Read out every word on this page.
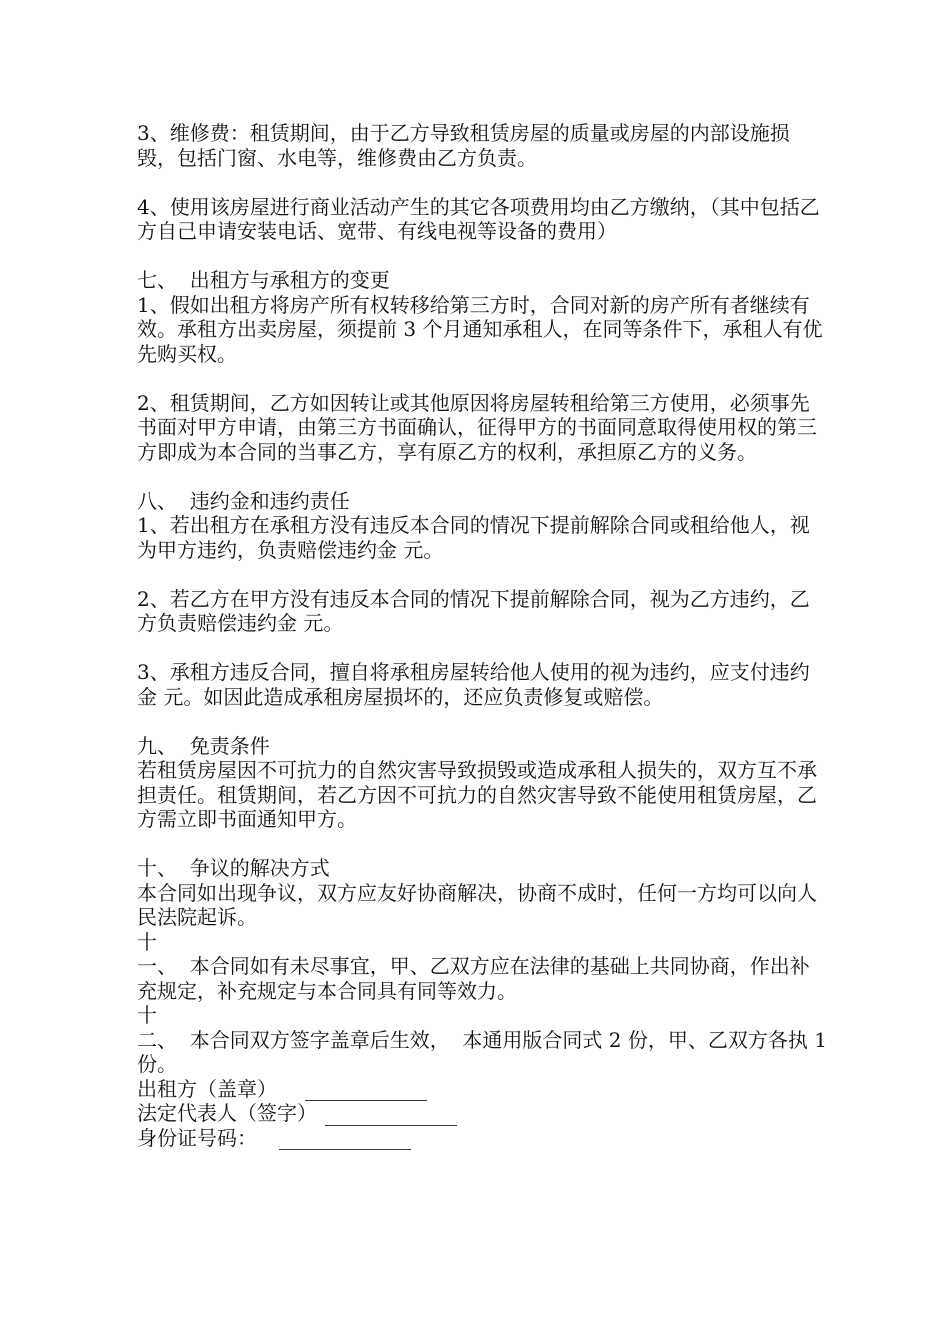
3、维修费：租赁期间，由于乙方导致租赁房屋的质量或房屋的内部设施损毁，包括门窗、水电等，维修费由乙方负责。

4、使用该房屋进行商业活动产生的其它各项费用均由乙方缴纳，（其中包括乙方自己申请安装电话、宽带、有线电视等设备的费用）

七、  出租方与承租方的变更

1、假如出租方将房产所有权转移给第三方时，合同对新的房产所有者继续有效。承租方出卖房屋，须提前 3 个月通知承租人，在同等条件下，承租人有优先购买权。

2、租赁期间，乙方如因转让或其他原因将房屋转租给第三方使用，必须事先书面对甲方申请，由第三方书面确认，征得甲方的书面同意取得使用权的第三方即成为本合同的当事乙方，享有原乙方的权利，承担原乙方的义务。

八、  违约金和违约责任

1、若出租方在承租方没有违反本合同的情况下提前解除合同或租给他人，视为甲方违约，负责赔偿违约金 元。

2、若乙方在甲方没有违反本合同的情况下提前解除合同，视为乙方违约，乙方负责赔偿违约金 元。

3、承租方违反合同，擅自将承租房屋转给他人使用的视为违约，应支付违约金 元。如因此造成承租房屋损坏的，还应负责修复或赔偿。

九、  免责条件

若租赁房屋因不可抗力的自然灾害导致损毁或造成承租人损失的，双方互不承担责任。租赁期间，若乙方因不可抗力的自然灾害导致不能使用租赁房屋，乙方需立即书面通知甲方。

十、  争议的解决方式

本合同如出现争议，双方应友好协商解决，协商不成时，任何一方均可以向人民法院起诉。

十

一、  本合同如有未尽事宜，甲、乙双方应在法律的基础上共同协商，作出补充规定，补充规定与本合同具有同等效力。

十

二、  本合同双方签字盖章后生效，  本通用版合同式 2 份，甲、乙双方各执 1 份。

出租方（盖章）
法定代表人（签字）
身份证号码：
